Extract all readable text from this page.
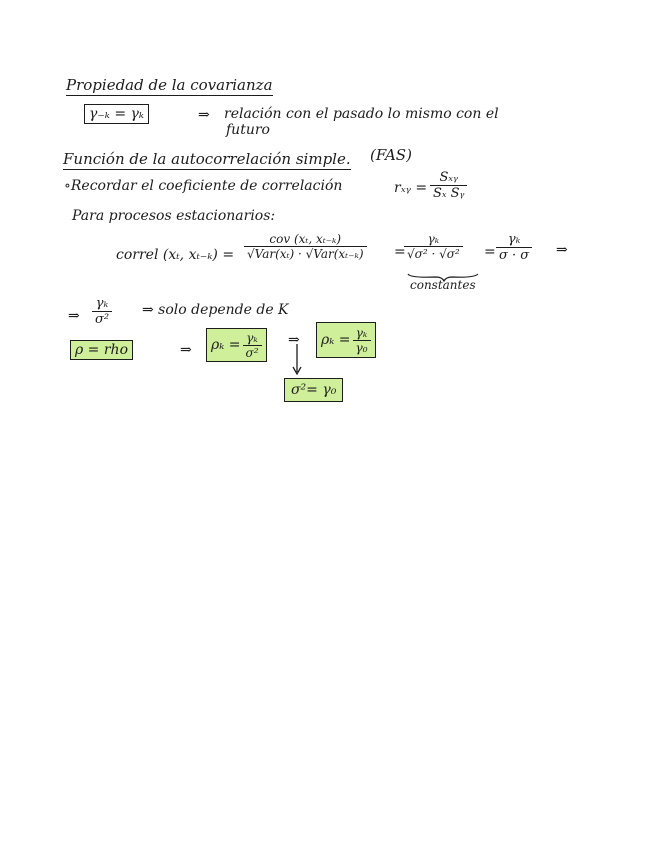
Propiedad de la covarianza
γ₋ₖ = γₖ	⇒ relación con el pasado lo mismo con el
futuro
Función de la autocorrelación simple. (FAS)
∘Recordar el coeficiente de correlación	rₓᵧ =
Sₓᵧ
Sₓ Sᵧ
Para procesos estacionarios:
correl (xₜ, xₜ₋ₖ) =
cov (xₜ, xₜ₋ₖ)
√Var(xₜ) · √Var(xₜ₋ₖ) =
$\frac{\text{γₖ}}{\text{√σ² · √σ²}}$
constantes
= $\frac{\text{γₖ}}{\sigma \cdot \sigma}$ ⇒
⇒ $\frac{\text{γₖ}}{\text{σ²}}$ ⇒ solo depende de K
ρ = rho	⇒ $\rho_k = \frac{\text{γₖ}}{\text{σ²}}$ ⇒ $\rho_k = \frac{\text{γₖ}}{\text{γ₀}}$
σ²= γ₀
